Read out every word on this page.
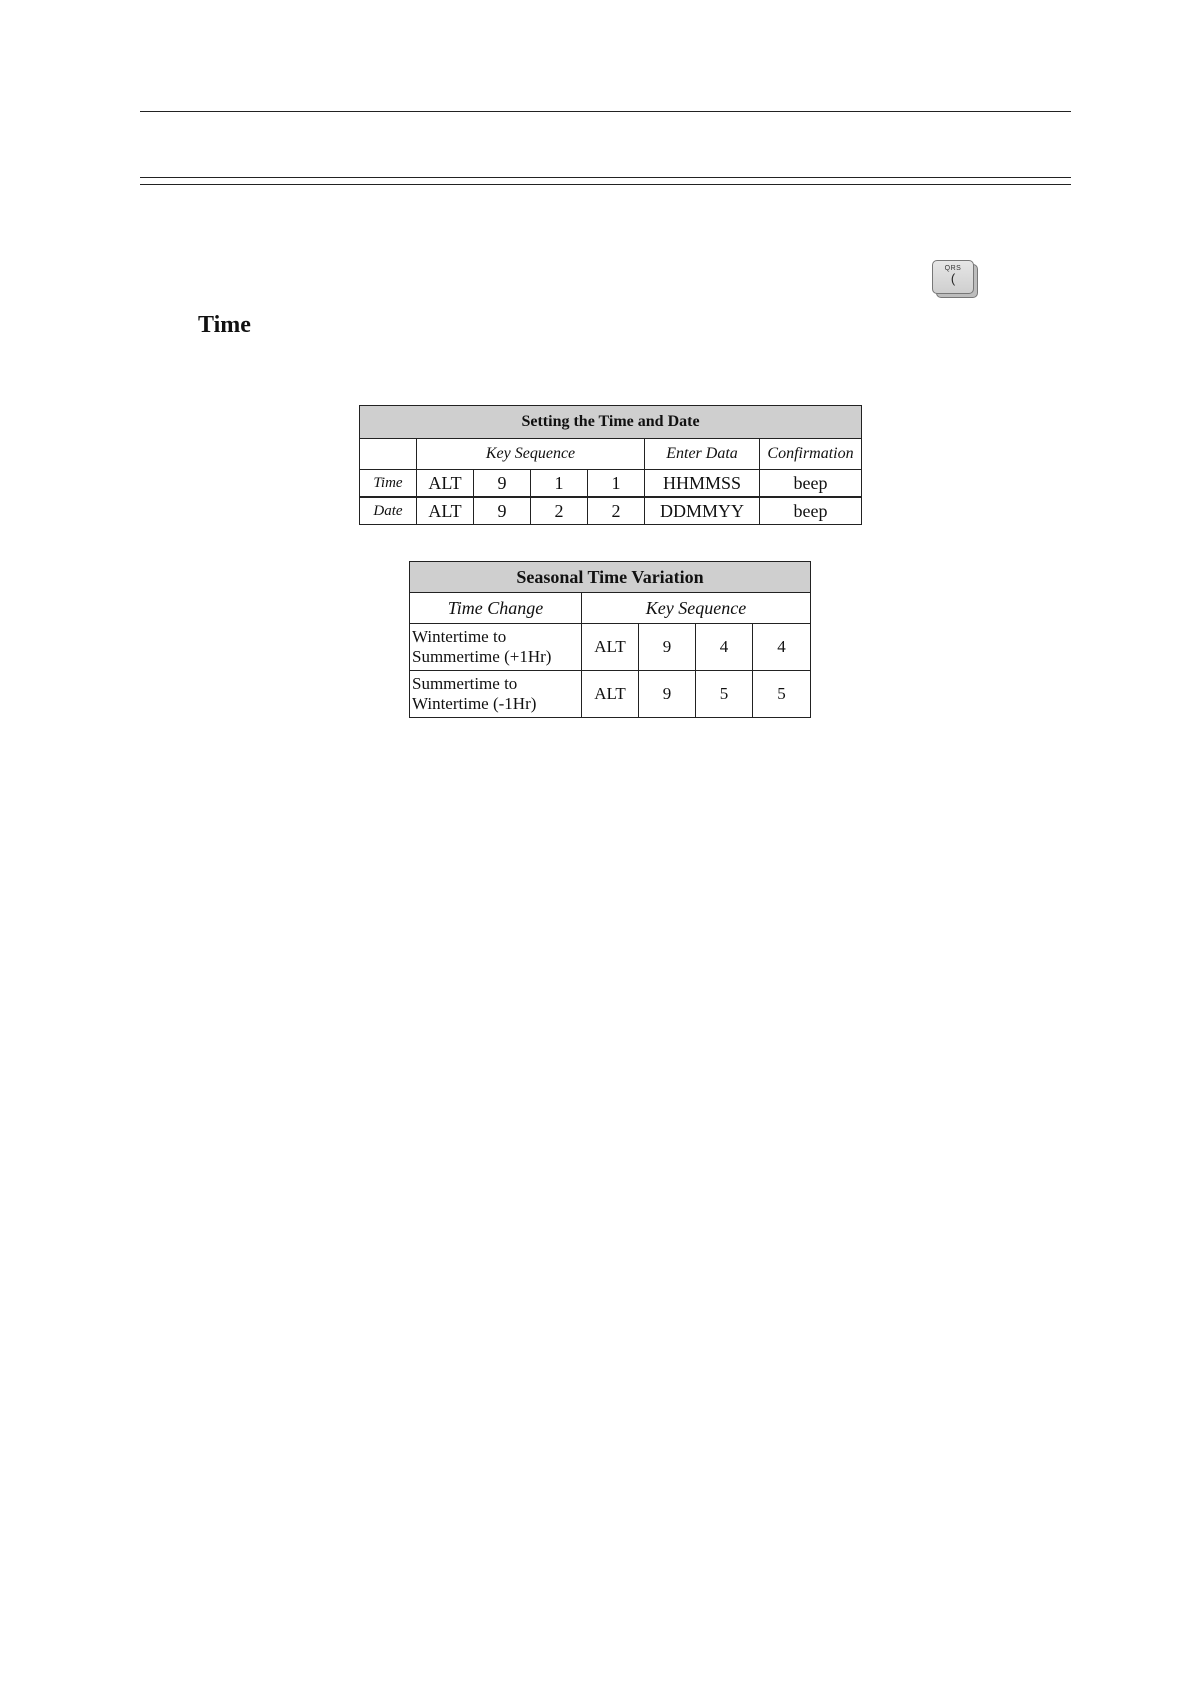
QRS
(
Time
Setting the Time and Date						
	Key Sequence				Enter Data	Confirmation
Time	ALT	9	1	1	HHMMSS	beep
Date	ALT	9	2	2	DDMMYY	beep
Seasonal Time Variation				
Time Change	Key Sequence			

Wintertime to
Summertime (+1Hr)	ALT	9	4	4

Summertime to
Wintertime (-1Hr)	ALT	9	5	5
